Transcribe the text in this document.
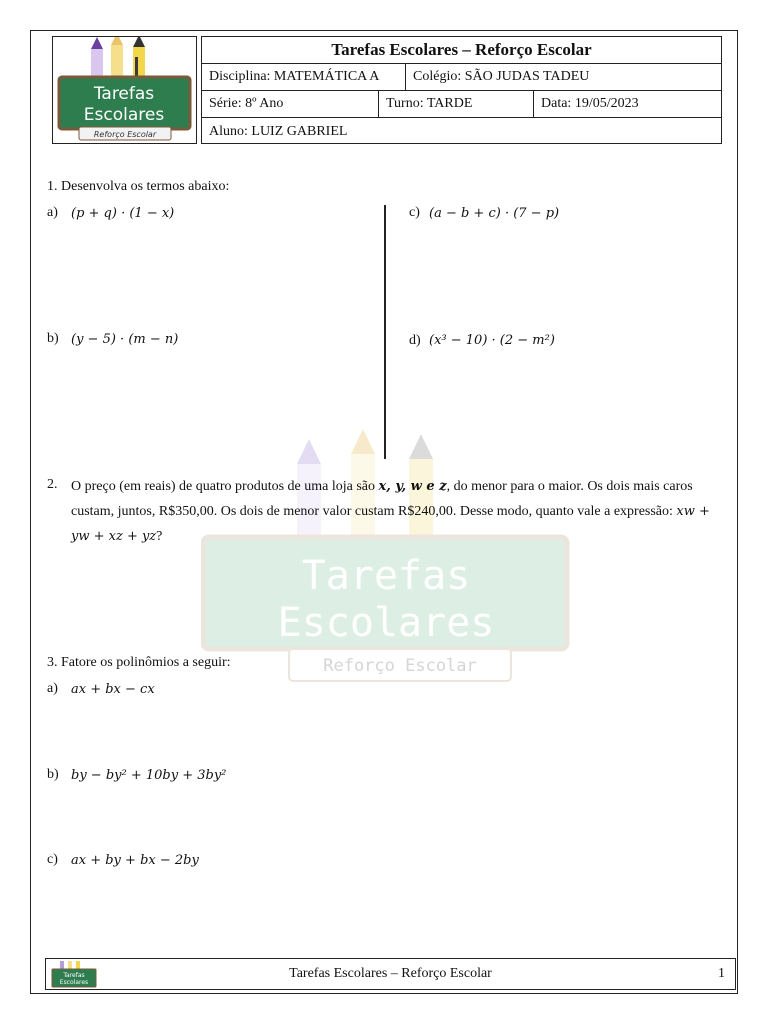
Tarefas
Escolares
Reforço Escolar
Tarefas Escolares – Reforço Escolar
Disciplina: MATEMÁTICA A	Colégio: SÃO JUDAS TADEU
Série: 8º Ano	Turno: TARDE	Data: 19/05/2023
Aluno: LUIZ GABRIEL
1. Desenvolva os termos abaixo:
a) (p + q) · (1 − x)	c) (a − b + c) · (7 − p)
b) (y − 5) · (m − n)	d) (x³ − 10) · (2 − m²)
Tarefas
Escolares
Reforço Escolar
2. O preço (em reais) de quatro produtos de uma loja são x, y, w e z, do menor para o maior. Os dois mais caros custam, juntos, R$350,00. Os dois de menor valor custam R$240,00. Desse modo, quanto vale a expressão: xw + yw + xz + yz?
3. Fatore os polinômios a seguir:
a) ax + bx − cx
b) by − by² + 10by + 3by²
c) ax + by + bx − 2by
Tarefas
Escolares
Tarefas Escolares – Reforço Escolar	1
